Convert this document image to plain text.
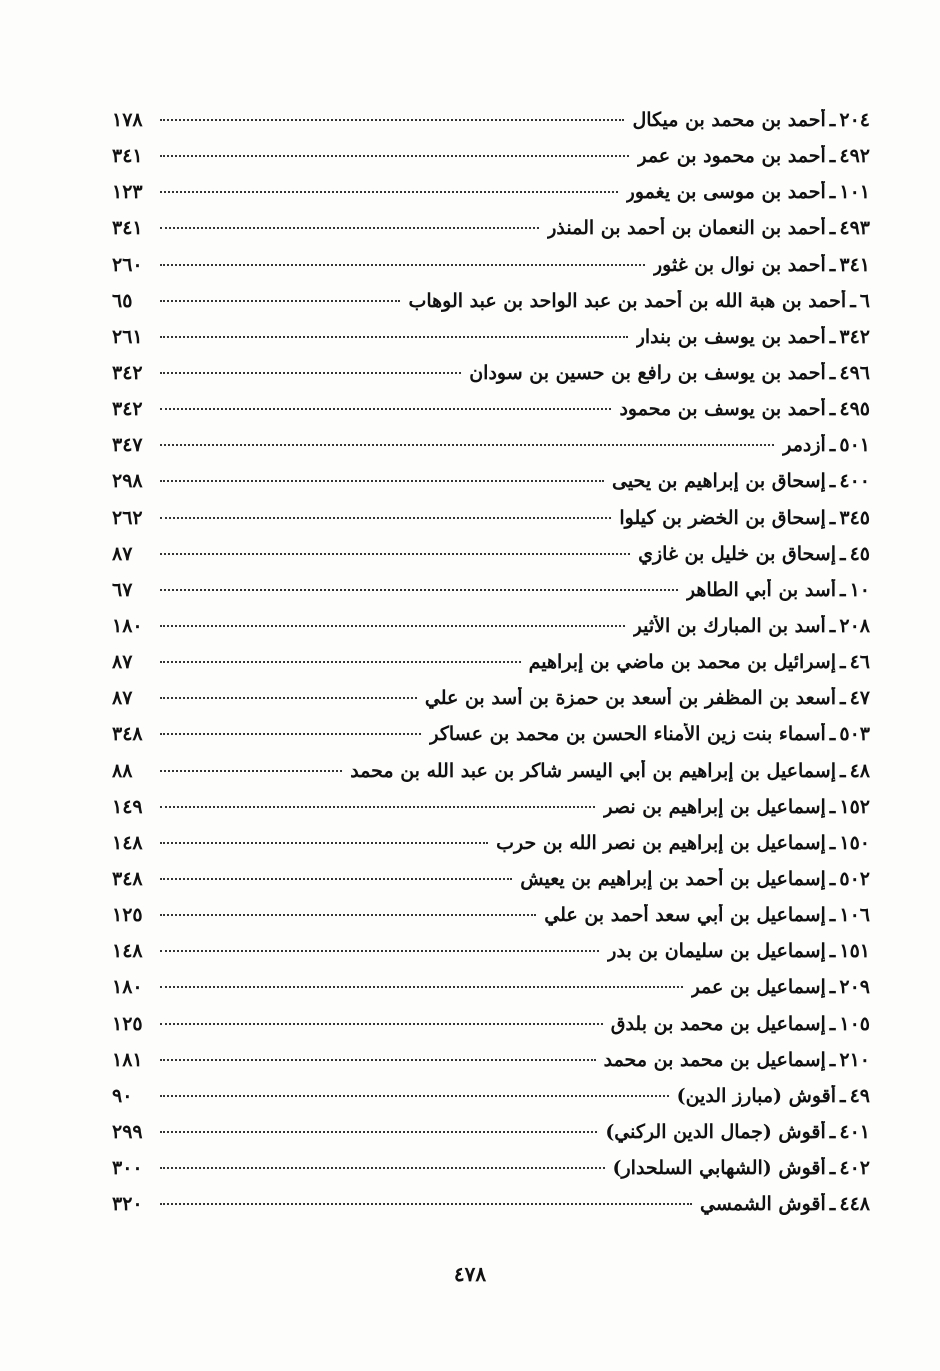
٢٠٤
ـ
أحمد بن محمد بن ميكال
١٧٨
٤٩٢
ـ
أحمد بن محمود بن عمر
٣٤١
١٠١
ـ
أحمد بن موسى بن يغمور
١٢٣
٤٩٣
ـ
أحمد بن النعمان بن أحمد بن المنذر
٣٤١
٣٤١
ـ
أحمد بن نوال بن غثور
٢٦٠
٦
ـ
أحمد بن هبة الله بن أحمد بن عبد الواحد بن عبد الوهاب
٦٥
٣٤٢
ـ
أحمد بن يوسف بن بندار
٢٦١
٤٩٦
ـ
أحمد بن يوسف بن رافع بن حسين بن سودان
٣٤٢
٤٩٥
ـ
أحمد بن يوسف بن محمود
٣٤٢
٥٠١
ـ
أزدمر
٣٤٧
٤٠٠
ـ
إسحاق بن إبراهيم بن يحيى
٢٩٨
٣٤٥
ـ
إسحاق بن الخضر بن كيلوا
٢٦٢
٤٥
ـ
إسحاق بن خليل بن غازي
٨٧
١٠
ـ
أسد بن أبي الطاهر
٦٧
٢٠٨
ـ
أسد بن المبارك بن الأثير
١٨٠
٤٦
ـ
إسرائيل بن محمد بن ماضي بن إبراهيم
٨٧
٤٧
ـ
أسعد بن المظفر بن أسعد بن حمزة بن أسد بن علي
٨٧
٥٠٣
ـ
أسماء بنت زين الأمناء الحسن بن محمد بن عساكر
٣٤٨
٤٨
ـ
إسماعيل بن إبراهيم بن أبي اليسر شاكر بن عبد الله بن محمد
٨٨
١٥٢
ـ
إسماعيل بن إبراهيم بن نصر
١٤٩
١٥٠
ـ
إسماعيل بن إبراهيم بن نصر الله بن حرب
١٤٨
٥٠٢
ـ
إسماعيل بن أحمد بن إبراهيم بن يعيش
٣٤٨
١٠٦
ـ
إسماعيل بن أبي سعد أحمد بن علي
١٢٥
١٥١
ـ
إسماعيل بن سليمان بن بدر
١٤٨
٢٠٩
ـ
إسماعيل بن عمر
١٨٠
١٠٥
ـ
إسماعيل بن محمد بن بلدق
١٢٥
٢١٠
ـ
إسماعيل بن محمد بن محمد
١٨١
٤٩
ـ
أقوش (مبارز الدين)
٩٠
٤٠١
ـ
أقوش (جمال الدين الركني)
٢٩٩
٤٠٢
ـ
أقوش (الشهابي السلحدار)
٣٠٠
٤٤٨
ـ
أقوش الشمسي
٣٢٠
٤٧٨
